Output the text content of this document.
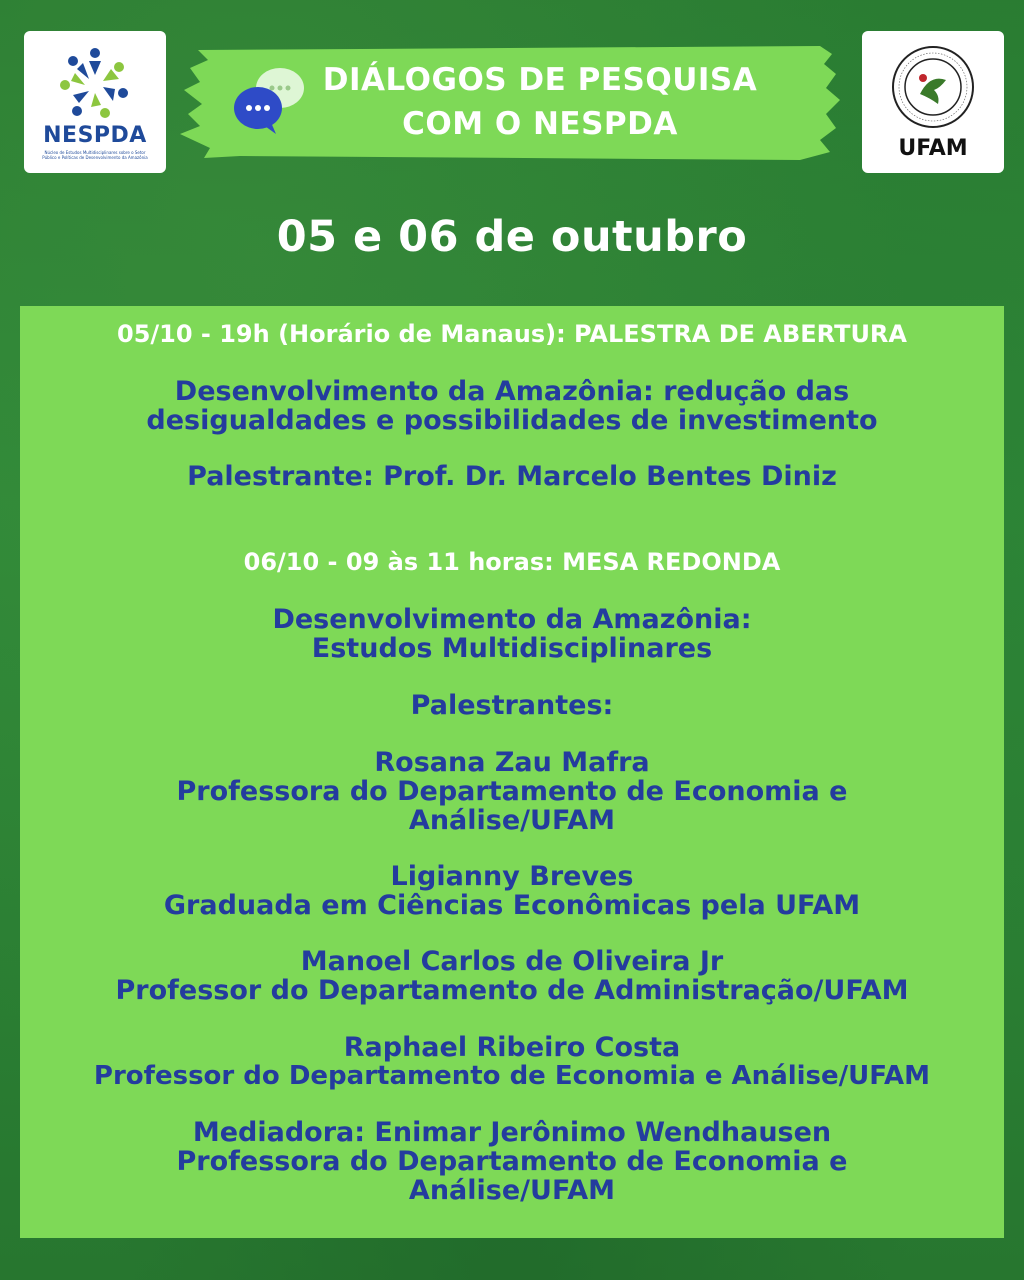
NESPDA
Núcleo de Estudos Multidisciplinares sobre o Setor Público e Políticas de Desenvolvimento da Amazônia
DIÁLOGOS DE PESQUISA
COM O NESPDA
UFAM
05 e 06 de outubro
05/10 - 19h (Horário de Manaus): PALESTRA DE ABERTURA
Desenvolvimento da Amazônia: redução das
desigualdades e possibilidades de investimento
Palestrante: Prof. Dr. Marcelo Bentes Diniz
06/10 - 09 às 11 horas: MESA REDONDA
Desenvolvimento da Amazônia:
Estudos Multidisciplinares
Palestrantes:
Rosana Zau Mafra
Professora do Departamento de Economia e
Análise/UFAM
Ligianny Breves
Graduada em Ciências Econômicas pela UFAM
Manoel Carlos de Oliveira Jr
Professor do Departamento de Administração/UFAM
Raphael Ribeiro Costa
Professor do Departamento de Economia e Análise/UFAM
Mediadora: Enimar Jerônimo Wendhausen
Professora do Departamento de Economia e
Análise/UFAM
